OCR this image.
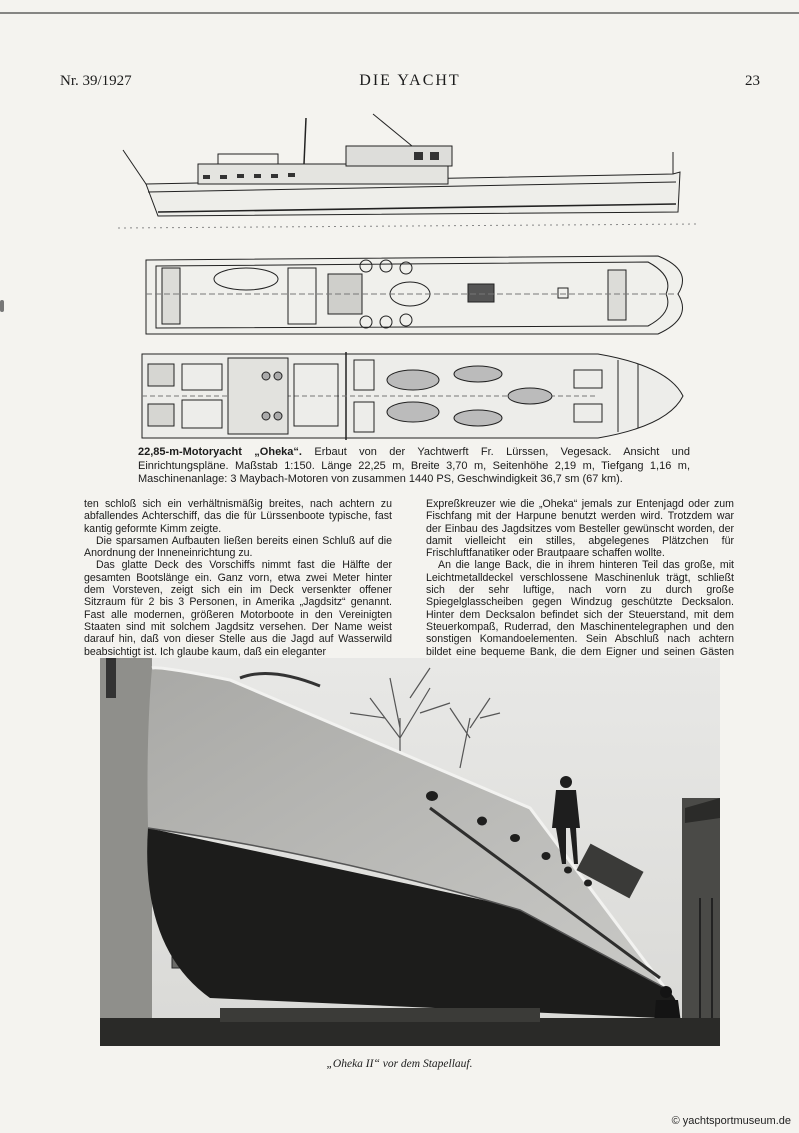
Nr. 39/1927	DIE YACHT	23
22,85-m-Motoryacht „Oheka“. Erbaut von der Yachtwerft Fr. Lürssen, Vegesack. Ansicht und Einrichtungspläne. Maßstab 1:150. Länge 22,25 m, Breite 3,70 m, Seitenhöhe 2,19 m, Tiefgang 1,16 m, Maschinenanlage: 3 Maybach-Motoren von zusammen 1440 PS, Geschwindigkeit 36,7 sm (67 km).

ten schloß sich ein verhältnismäßig breites, nach achtern zu abfallendes Achterschiff, das die für Lürssenboote typische, fast kantig geformte Kimm zeigte.

Die sparsamen Aufbauten ließen bereits einen Schluß auf die Anordnung der Inneneinrichtung zu.

Das glatte Deck des Vorschiffs nimmt fast die Hälfte der gesamten Bootslänge ein. Ganz vorn, etwa zwei Meter hinter dem Vorsteven, zeigt sich ein im Deck versenkter offener Sitzraum für 2 bis 3 Personen, in Amerika „Jagdsitz“ genannt. Fast alle modernen, größeren Motorboote in den Vereinigten Staaten sind mit solchem Jagdsitz versehen. Der Name weist darauf hin, daß von dieser Stelle aus die Jagd auf Wasserwild beabsichtigt ist. Ich glaube kaum, daß ein eleganter

Expreßkreuzer wie die „Oheka“ jemals zur Entenjagd oder zum Fischfang mit der Harpune benutzt werden wird. Trotzdem war der Einbau des Jagdsitzes vom Besteller gewünscht worden, der damit vielleicht ein stilles, abgelegenes Plätzchen für Frischluftfanatiker oder Brautpaare schaffen wollte.

An die lange Back, die in ihrem hinteren Teil das große, mit Leichtmetalldeckel verschlossene Maschinenluk trägt, schließt sich der sehr luftige, nach vorn zu durch große Spiegelglasscheiben gegen Windzug geschützte Decksalon. Hinter dem Decksalon befindet sich der Steuerstand, mit dem Steuerkompaß, Ruderrad, den Maschinentelegraphen und den sonstigen Komandoelementen. Sein Abschluß nach achtern bildet eine bequeme Bank, die dem Eigner und seinen Gästen

„Oheka II“ vor dem Stapellauf.
© yachtsportmuseum.de
